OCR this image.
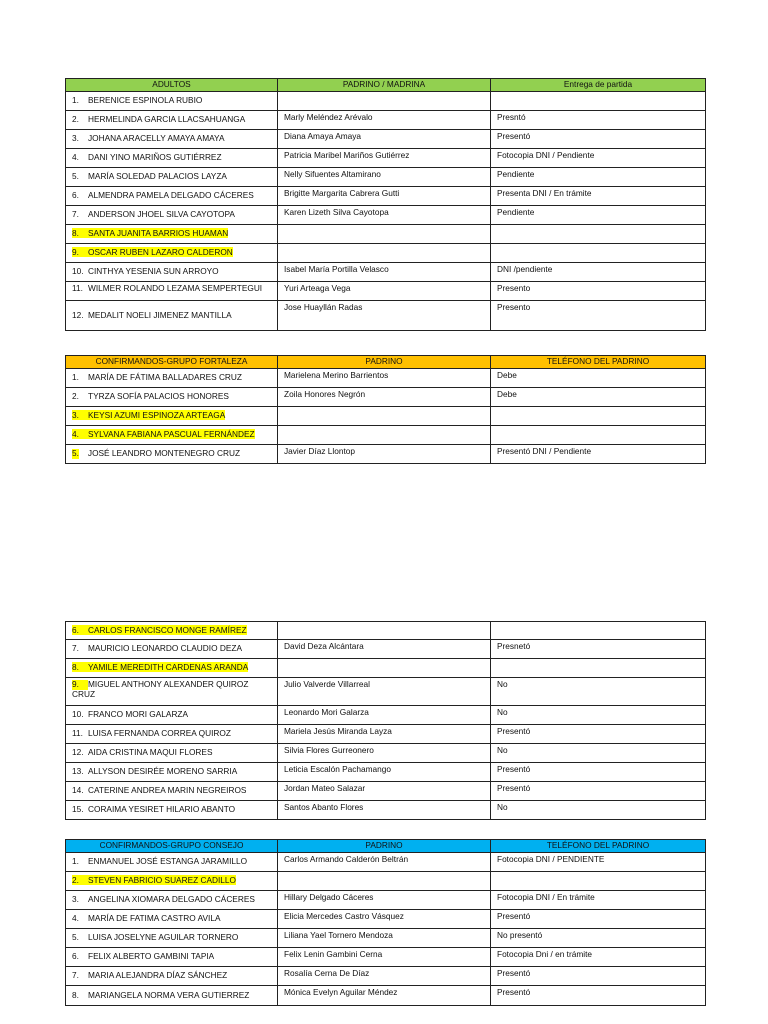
ADULTOS	PADRINO / MADRINA	Entrega de partida
1. BERENICE ESPINOLA RUBIO		
2. HERMELINDA GARCIA LLACSAHUANGA	Marly Meléndez Arévalo	Presntó
3. JOHANA ARACELLY AMAYA AMAYA	Diana Amaya Amaya	Presentó
4. DANI YINO MARIÑOS GUTIÉRREZ	Patricia Maribel Mariños Gutiérrez	Fotocopia DNI / Pendiente
5. MARÍA SOLEDAD PALACIOS LAYZA	Nelly Sifuentes Altamirano	Pendiente
6. ALMENDRA PAMELA DELGADO CÁCERES	Brigitte Margarita Cabrera Gutti	Presenta DNI / En trámite
7. ANDERSON JHOEL SILVA CAYOTOPA	Karen Lizeth Silva Cayotopa	Pendiente
8. SANTA JUANITA BARRIOS HUAMAN		
9. OSCAR RUBEN LAZARO CALDERON		
10. CINTHYA YESENIA SUN ARROYO	Isabel María Portilla Velasco	DNI /pendiente
11. WILMER ROLANDO LEZAMA SEMPERTEGUI	Yuri Arteaga Vega	Presento
12. MEDALIT NOELI JIMENEZ MANTILLA	Jose Huayllán Radas	Presento
CONFIRMANDOS-GRUPO FORTALEZA	PADRINO	TELÉFONO DEL PADRINO
1. MARÍA DE FÁTIMA BALLADARES CRUZ	Marielena Merino Barrientos	Debe
2. TYRZA SOFÍA PALACIOS HONORES	Zoila Honores Negrón	Debe
3. KEYSI AZUMI ESPINOZA ARTEAGA		
4. SYLVANA FABIANA PASCUAL FERNÁNDEZ		
5. JOSÉ LEANDRO MONTENEGRO CRUZ	Javier Díaz Llontop	Presentó DNI / Pendiente
6. CARLOS FRANCISCO MONGE RAMÍREZ		
7. MAURICIO LEONARDO CLAUDIO DEZA	David Deza Alcántara	Presnetó
8. YAMILE MEREDITH CARDENAS ARANDA		
9. MIGUEL ANTHONY ALEXANDER QUIROZ
CRUZ	Julio Valverde Villarreal	No
10. FRANCO MORI GALARZA	Leonardo Mori Galarza	No
11. LUISA FERNANDA CORREA QUIROZ	Mariela Jesús Miranda Layza	Presentó
12. AIDA CRISTINA MAQUI FLORES	Silvia Flores Gurreonero	No
13. ALLYSON DESIRÉE MORENO SARRIA	Leticia Escalón Pachamango	Presentó
14. CATERINE ANDREA MARIN NEGREIROS	Jordan Mateo Salazar	Presentó
15. CORAIMA YESIRET HILARIO ABANTO	Santos Abanto Flores	No
CONFIRMANDOS-GRUPO CONSEJO	PADRINO	TELÉFONO DEL PADRINO
1. ENMANUEL JOSÉ ESTANGA JARAMILLO	Carlos Armando Calderón Beltrán	Fotocopia DNI / PENDIENTE
2. STEVEN FABRICIO SUAREZ CADILLO		
3. ANGELINA XIOMARA DELGADO CÁCERES	Hillary Delgado Cáceres	Fotocopia DNI / En trámite
4. MARÍA DE FATIMA CASTRO AVILA	Elicia Mercedes Castro Vásquez	Presentó
5. LUISA JOSELYNE AGUILAR TORNERO	Liliana Yael Tornero Mendoza	No presentó
6. FELIX ALBERTO GAMBINI TAPIA	Felix Lenin Gambini Cerna	Fotocopia Dni / en trámite
7. MARIA ALEJANDRA DÍAZ SÁNCHEZ	Rosalía Cerna De Díaz	Presentó
8. MARIANGELA NORMA VERA GUTIERREZ	Mónica Evelyn Aguilar Méndez	Presentó
